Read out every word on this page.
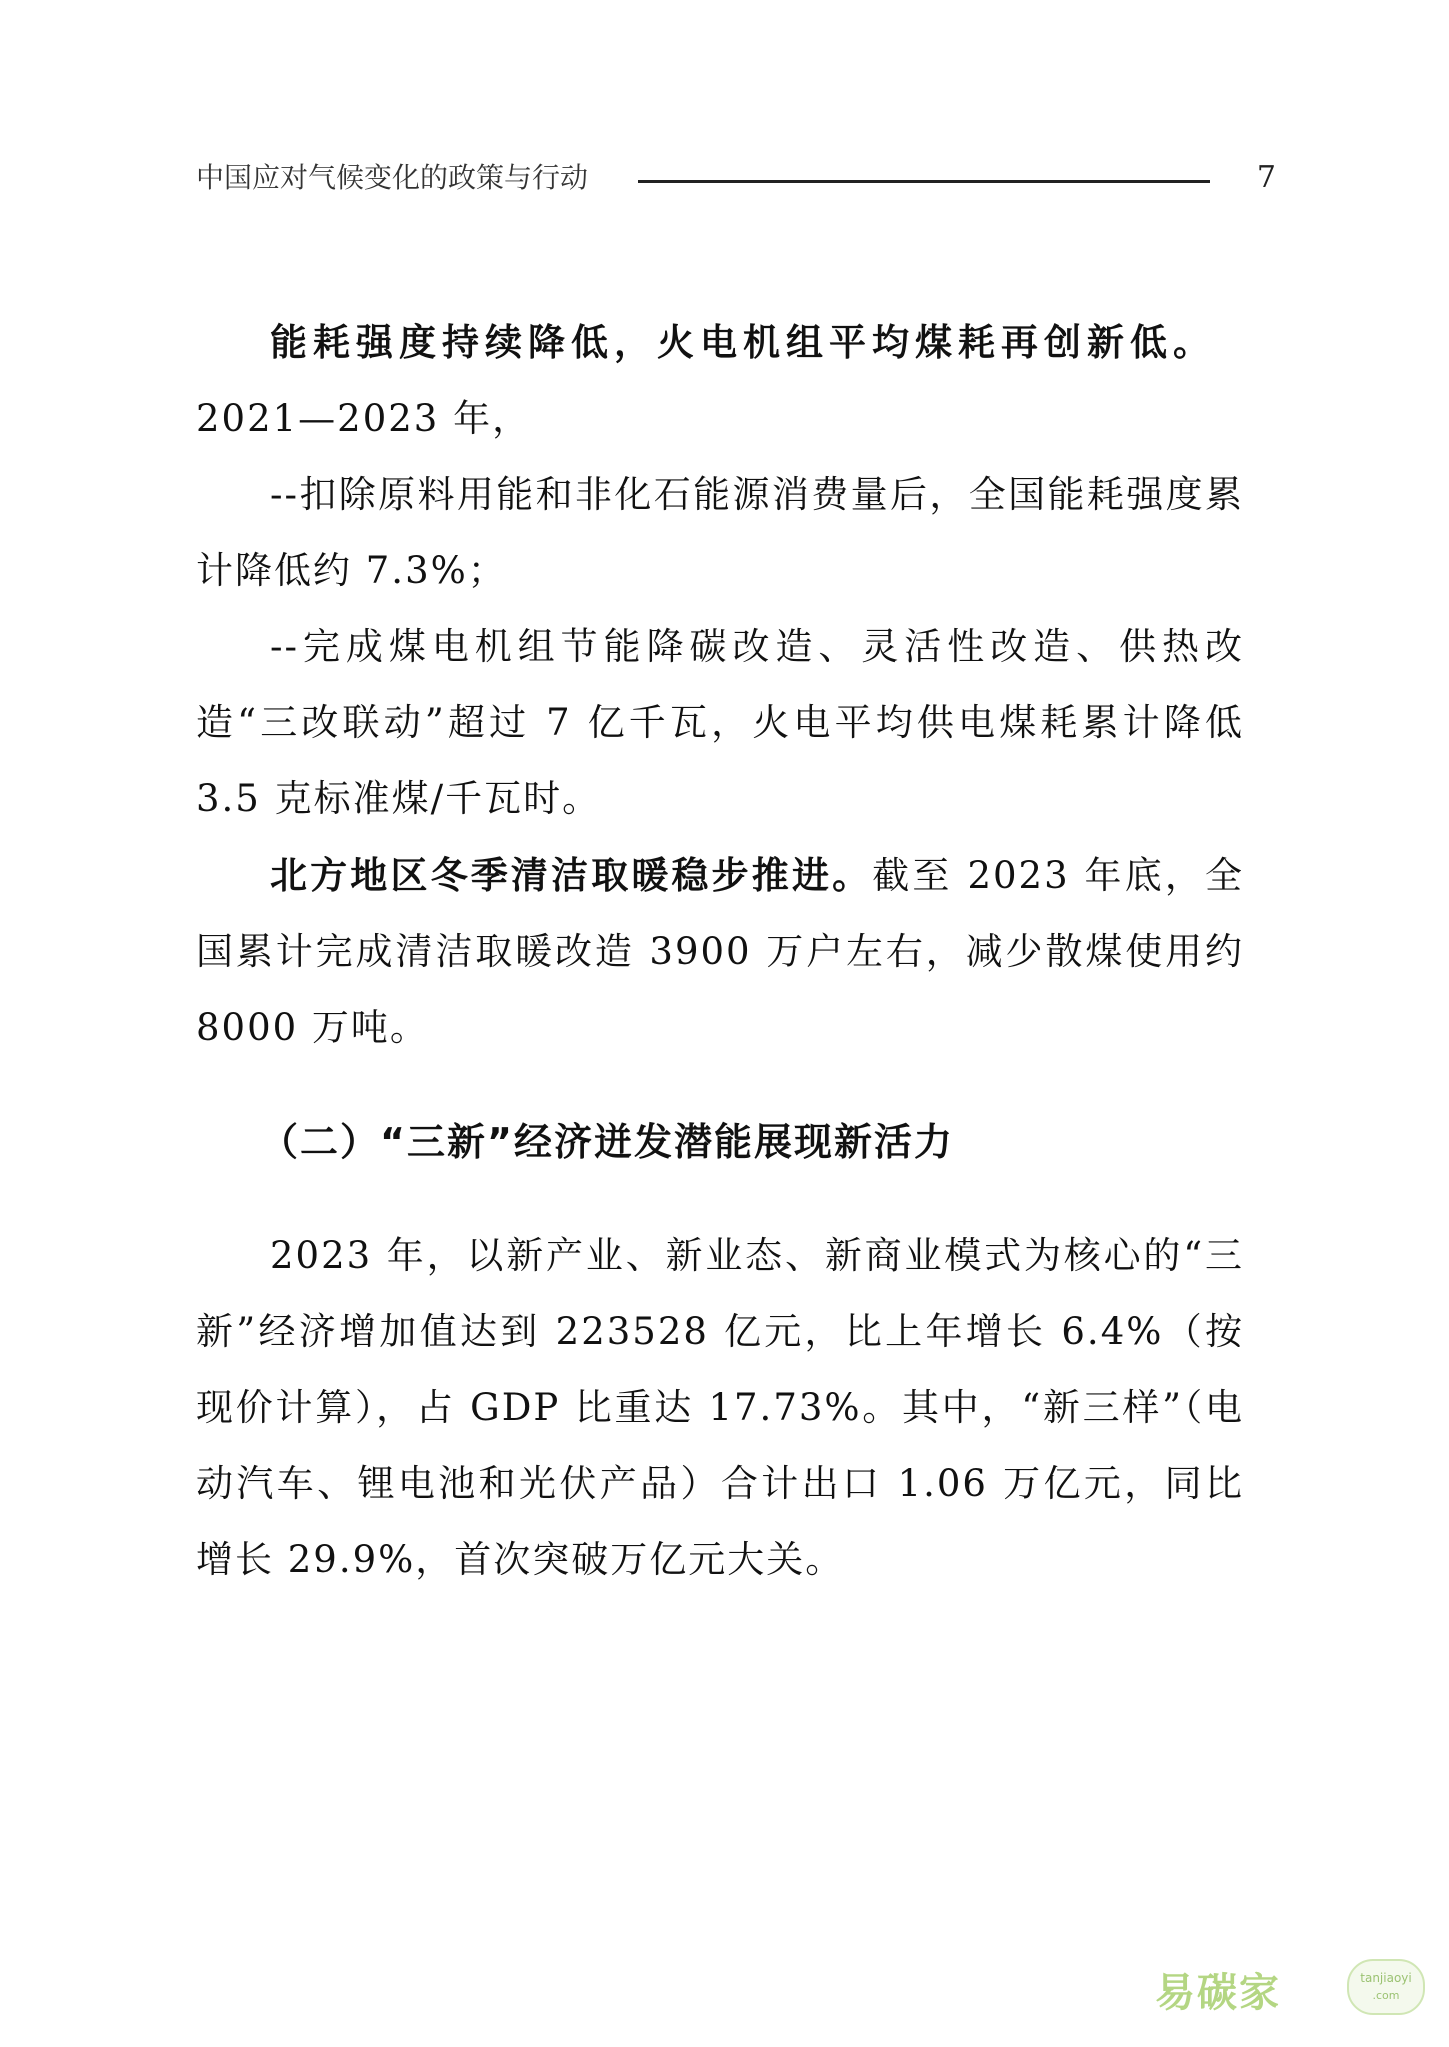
中国应对气候变化的政策与行动	7

能耗强度持续降低，火电机组平均煤耗再创新低。

2021—2023 年，

--扣除原料用能和非化石能源消费量后，全国能耗强度累计降低约 7.3%；

--完成煤电机组节能降碳改造、灵活性改造、供热改造“三改联动”超过 7 亿千瓦，火电平均供电煤耗累计降低 3.5 克标准煤/千瓦时。

北方地区冬季清洁取暖稳步推进。截至 2023 年底，全国累计完成清洁取暖改造 3900 万户左右，减少散煤使用约 8000 万吨。

（二）“三新”经济迸发潜能展现新活力

2023 年，以新产业、新业态、新商业模式为核心的“三新”经济增加值达到 223528 亿元，比上年增长 6.4%（按现价计算），占 GDP 比重达 17.73%。其中，“新三样”（电动汽车、锂电池和光伏产品）合计出口 1.06 万亿元，同比增长 29.9%，首次突破万亿元大关。

易碳家	tanjiaoyi
.com
